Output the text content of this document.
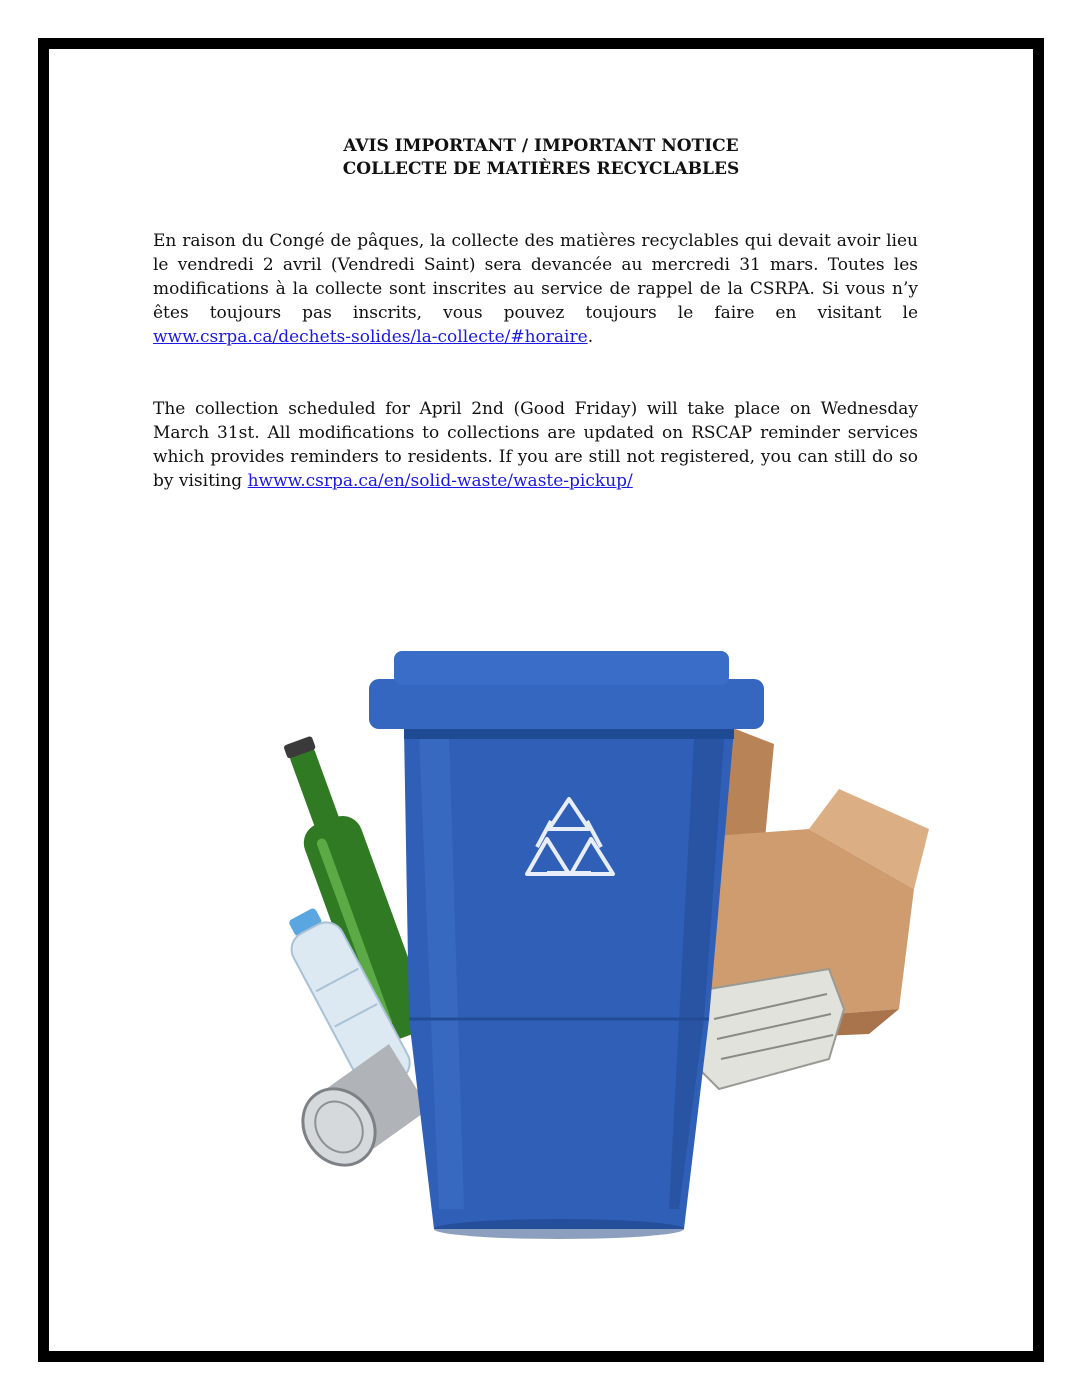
AVIS IMPORTANT / IMPORTANT NOTICE
COLLECTE DE MATIÈRES RECYCLABLES
En raison du Congé de pâques, la collecte des matières recyclables qui devait avoir lieu le vendredi 2 avril (Vendredi Saint) sera devancée au mercredi 31 mars. Toutes les modifications à la collecte sont inscrites au service de rappel de la CSRPA. Si vous n’y êtes toujours pas inscrits, vous pouvez toujours le faire en visitant le www.csrpa.ca/dechets-solides/la-collecte/#horaire.
The collection scheduled for April 2nd (Good Friday) will take place on Wednesday March 31st. All modifications to collections are updated on RSCAP reminder services which provides reminders to residents. If you are still not registered, you can still do so by visiting hwww.csrpa.ca/en/solid-waste/waste-pickup/
